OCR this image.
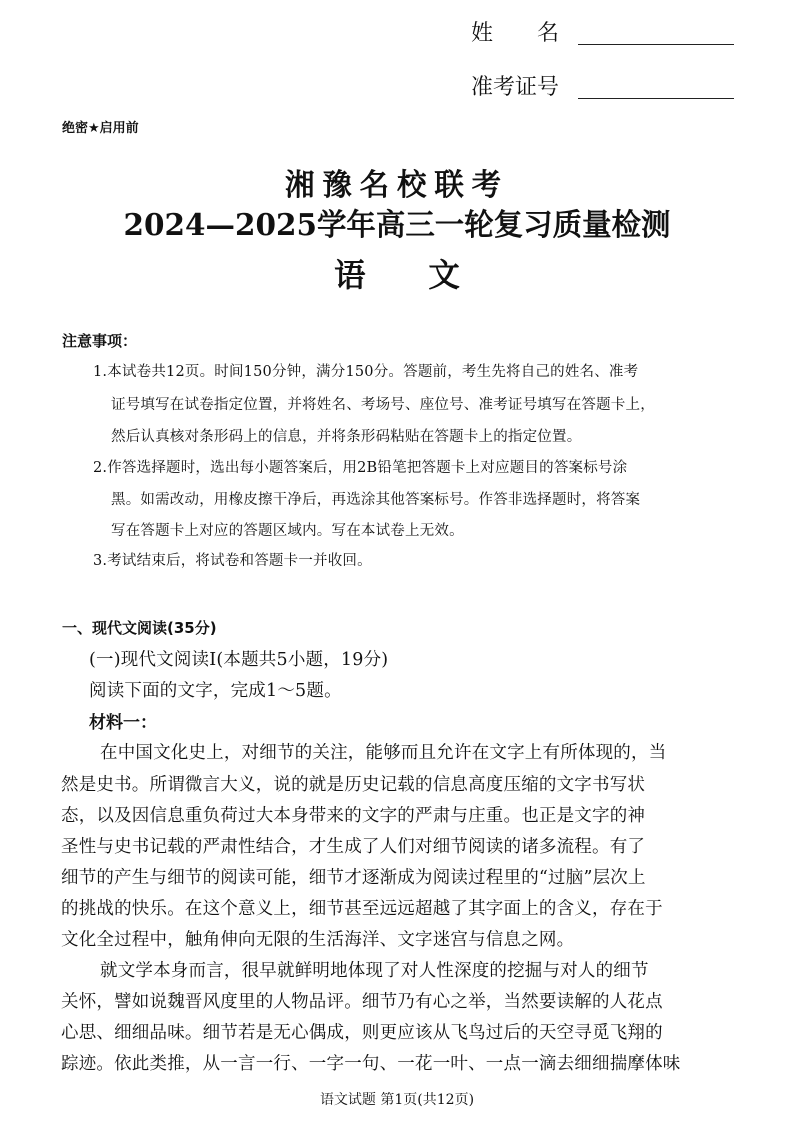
姓　　名
准考证号
绝密★启用前
湘豫名校联考
2024—2025学年高三一轮复习质量检测
语　　文
注意事项：
1.本试卷共12页。时间150分钟，满分150分。答题前，考生先将自己的姓名、准考
证号填写在试卷指定位置，并将姓名、考场号、座位号、准考证号填写在答题卡上，
然后认真核对条形码上的信息，并将条形码粘贴在答题卡上的指定位置。
2.作答选择题时，选出每小题答案后，用2B铅笔把答题卡上对应题目的答案标号涂
黑。如需改动，用橡皮擦干净后，再选涂其他答案标号。作答非选择题时，将答案
写在答题卡上对应的答题区域内。写在本试卷上无效。
3.考试结束后，将试卷和答题卡一并收回。
一、现代文阅读(35分)
(一)现代文阅读Ⅰ(本题共5小题，19分)
阅读下面的文字，完成1～5题。
材料一：
在中国文化史上，对细节的关注，能够而且允许在文字上有所体现的，当
然是史书。所谓微言大义，说的就是历史记载的信息高度压缩的文字书写状
态，以及因信息重负荷过大本身带来的文字的严肃与庄重。也正是文字的神
圣性与史书记载的严肃性结合，才生成了人们对细节阅读的诸多流程。有了
细节的产生与细节的阅读可能，细节才逐渐成为阅读过程里的“过脑”层次上
的挑战的快乐。在这个意义上，细节甚至远远超越了其字面上的含义，存在于
文化全过程中，触角伸向无限的生活海洋、文字迷宫与信息之网。
就文学本身而言，很早就鲜明地体现了对人性深度的挖掘与对人的细节
关怀，譬如说魏晋风度里的人物品评。细节乃有心之举，当然要读解的人花点
心思、细细品味。细节若是无心偶成，则更应该从飞鸟过后的天空寻觅飞翔的
踪迹。依此类推，从一言一行、一字一句、一花一叶、一点一滴去细细揣摩体味
语文试题 第1页(共12页)
